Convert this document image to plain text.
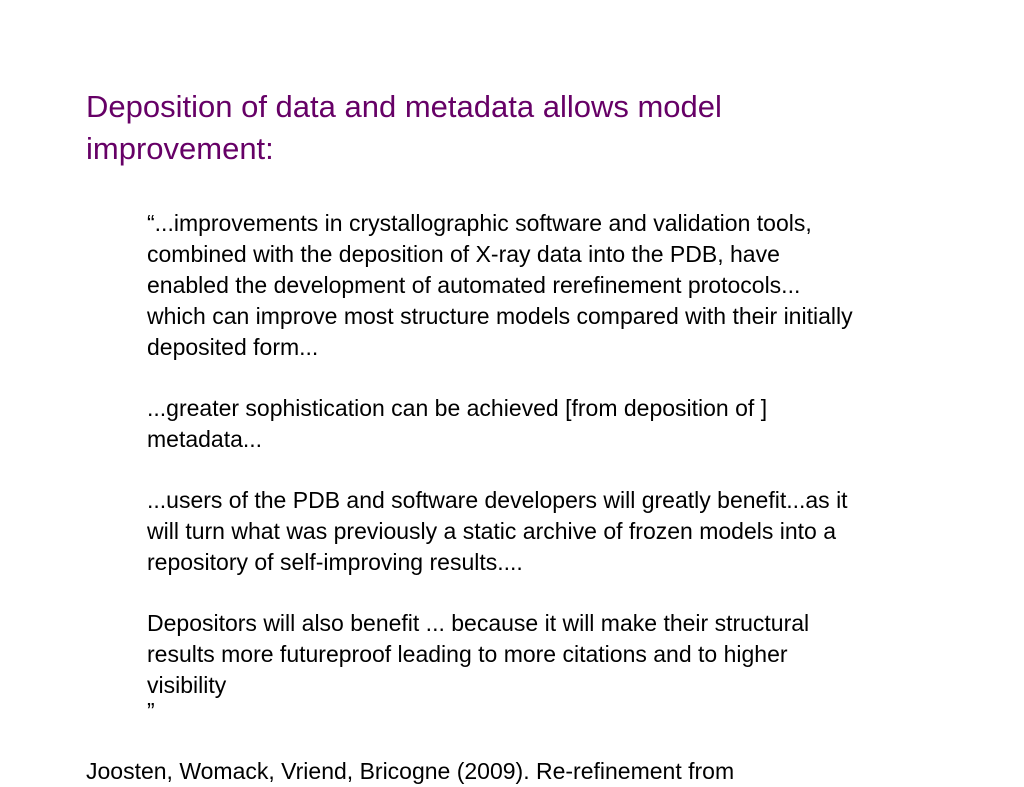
Deposition of data and metadata allows model
improvement:

“...improvements in crystallographic software and validation tools,
combined with the deposition of X-ray data into the PDB, have
enabled the development of automated rerefinement protocols...
which can improve most structure models compared with their initially
deposited form...

...greater sophistication can be achieved [from deposition of ]
metadata...

...users of the PDB and software developers will greatly benefit...as it
will turn what was previously a static archive of frozen models into a
repository of self-improving results....

Depositors will also benefit ... because it will make their structural
results more futureproof leading to more citations and to higher
visibility

”

Joosten, Womack, Vriend, Bricogne (2009). Re-refinement from
